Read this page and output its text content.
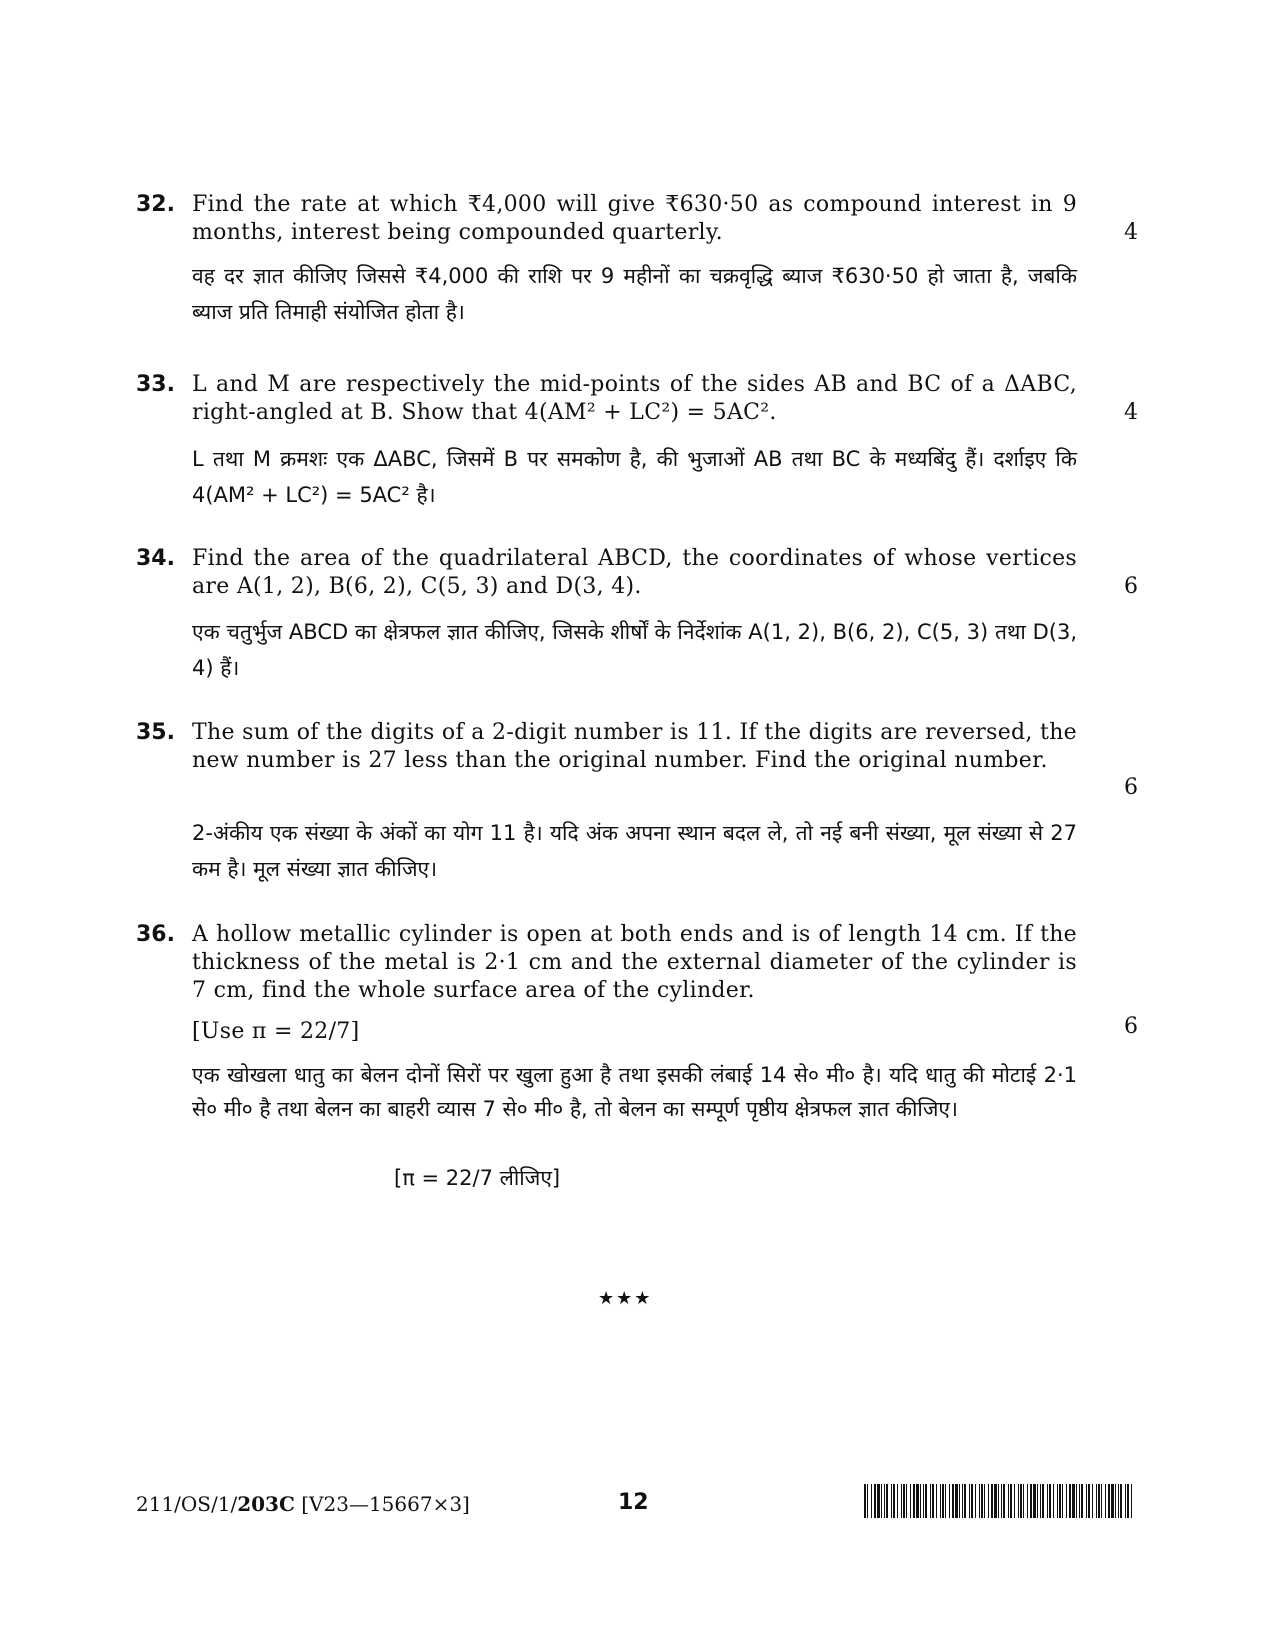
32. Find the rate at which ₹4,000 will give ₹630·50 as compound interest in 9 months, interest being compounded quarterly.	4
वह दर ज्ञात कीजिए जिससे ₹4,000 की राशि पर 9 महीनों का चक्रवृद्धि ब्याज ₹630·50 हो जाता है, जबकि ब्याज प्रति तिमाही संयोजित होता है।
33. L and M are respectively the mid-points of the sides AB and BC of a ΔABC, right-angled at B. Show that 4(AM² + LC²) = 5AC².	4
L तथा M क्रमशः एक ΔABC, जिसमें B पर समकोण है, की भुजाओं AB तथा BC के मध्यबिंदु हैं। दर्शाइए कि 4(AM² + LC²) = 5AC² है।
34. Find the area of the quadrilateral ABCD, the coordinates of whose vertices are A(1, 2), B(6, 2), C(5, 3) and D(3, 4).	6
एक चतुर्भुज ABCD का क्षेत्रफल ज्ञात कीजिए, जिसके शीर्षों के निर्देशांक A(1, 2), B(6, 2), C(5, 3) तथा D(3, 4) हैं।
35. The sum of the digits of a 2-digit number is 11. If the digits are reversed, the new number is 27 less than the original number. Find the original number.
6
2-अंकीय एक संख्या के अंकों का योग 11 है। यदि अंक अपना स्थान बदल ले, तो नई बनी संख्या, मूल संख्या से 27 कम है। मूल संख्या ज्ञात कीजिए।
36. A hollow metallic cylinder is open at both ends and is of length 14 cm. If the thickness of the metal is 2·1 cm and the external diameter of the cylinder is 7 cm, find the whole surface area of the cylinder.
[Use π = 22/7]	6
एक खोखला धातु का बेलन दोनों सिरों पर खुला हुआ है तथा इसकी लंबाई 14 से० मी० है। यदि धातु की मोटाई 2·1 से० मी० है तथा बेलन का बाहरी व्यास 7 से० मी० है, तो बेलन का सम्पूर्ण पृष्ठीय क्षेत्रफल ज्ञात कीजिए।
[π = 22/7 लीजिए]
★★★
211/OS/1/203C [V23—15667×3]	12
